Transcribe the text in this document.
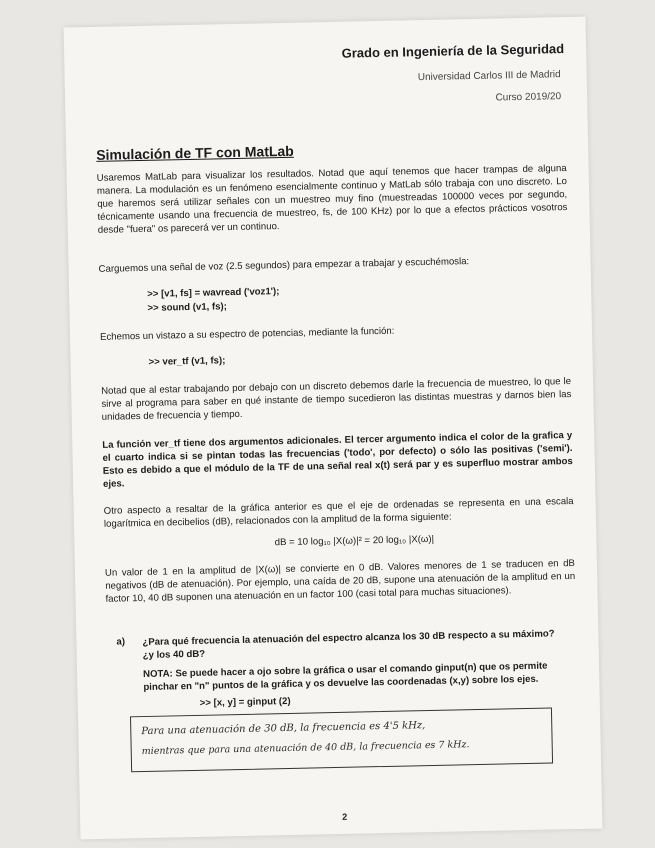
Grado en Ingeniería de la Seguridad
Universidad Carlos III de Madrid
Curso 2019/20
Simulación de TF con MatLab

Usaremos MatLab para visualizar los resultados. Notad que aquí tenemos que hacer trampas de alguna manera. La modulación es un fenómeno esencialmente continuo y MatLab sólo trabaja con uno discreto. Lo que haremos será utilizar señales con un muestreo muy fino (muestreadas 100000 veces por segundo, técnicamente usando una frecuencia de muestreo, fs, de 100 KHz) por lo que a efectos prácticos vosotros desde "fuera" os parecerá ver un continuo.

Carguemos una señal de voz (2.5 segundos) para empezar a trabajar y escuchémosla:

>> [v1, fs] = wavread ('voz1');

>> sound (v1, fs);

Echemos un vistazo a su espectro de potencias, mediante la función:

>> ver_tf (v1, fs);

Notad que al estar trabajando por debajo con un discreto debemos darle la frecuencia de muestreo, lo que le sirve al programa para saber en qué instante de tiempo sucedieron las distintas muestras y darnos bien las unidades de frecuencia y tiempo.

La función ver_tf tiene dos argumentos adicionales. El tercer argumento indica el color de la grafica y el cuarto indica si se pintan todas las frecuencias ('todo', por defecto) o sólo las positivas ('semi'). Esto es debido a que el módulo de la TF de una señal real x(t) será par y es superfluo mostrar ambos ejes.

Otro aspecto a resaltar de la gráfica anterior es que el eje de ordenadas se representa en una escala logarítmica en decibelios (dB), relacionados con la amplitud de la forma siguiente:

dB = 10 log₁₀ |X(ω)|² = 20 log₁₀ |X(ω)|

Un valor de 1 en la amplitud de |X(ω)| se convierte en 0 dB. Valores menores de 1 se traducen en dB negativos (dB de atenuación). Por ejemplo, una caída de 20 dB, supone una atenuación de la amplitud en un factor 10, 40 dB suponen una atenuación en un factor 100 (casi total para muchas situaciones).

a) ¿Para qué frecuencia la atenuación del espectro alcanza los 30 dB respecto a su máximo? ¿y los 40 dB?

NOTA: Se puede hacer a ojo sobre la gráfica o usar el comando ginput(n) que os permite pinchar en "n" puntos de la gráfica y os devuelve las coordenadas (x,y) sobre los ejes.

>> [x, y] = ginput (2)

Para una atenuación de 30 dB, la frecuencia es 4'5 kHz,
mientras que para una atenuación de 40 dB, la frecuencia es 7 kHz.
2
